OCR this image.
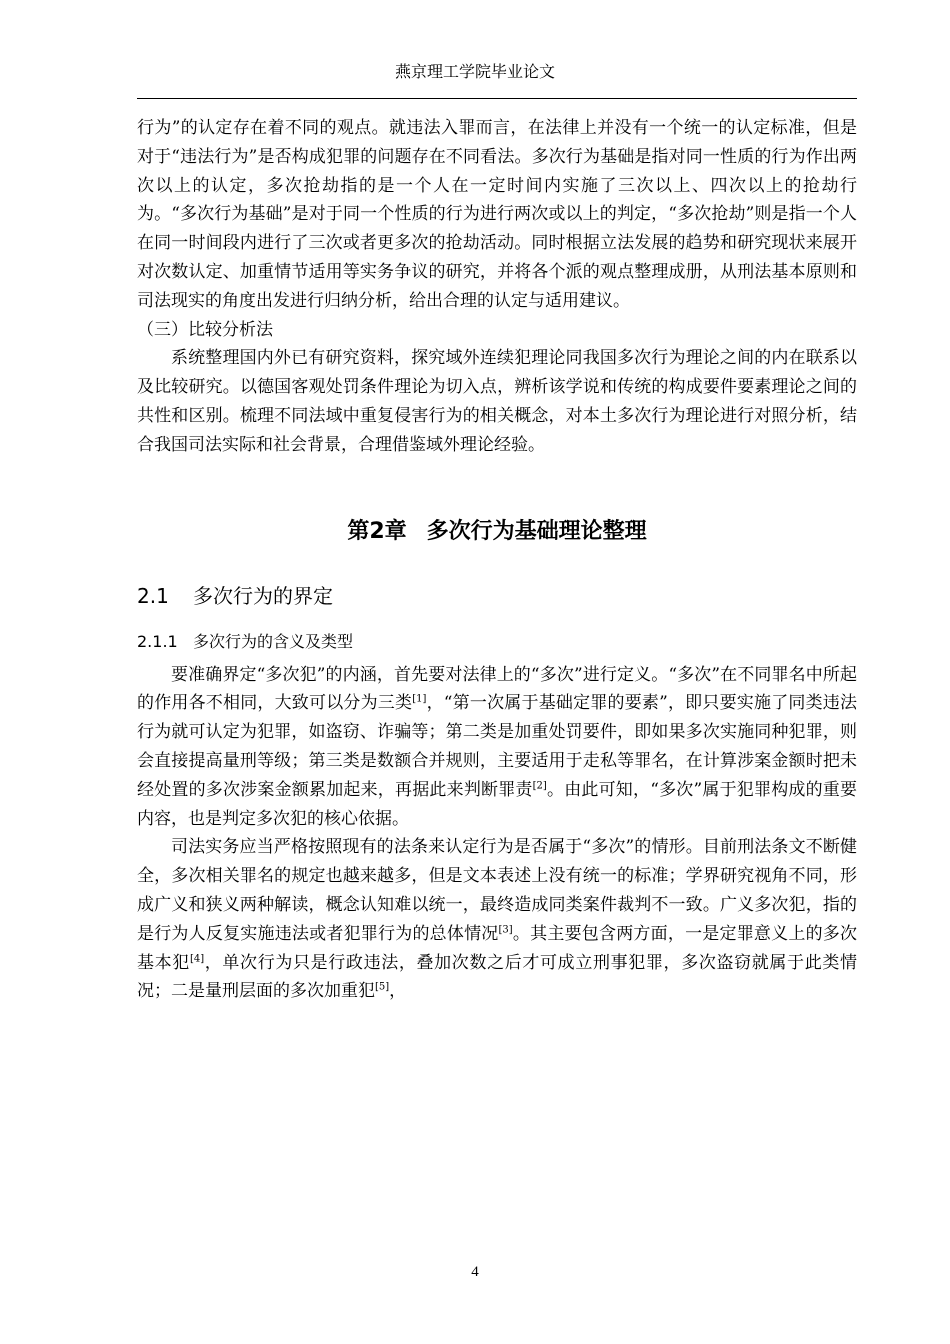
燕京理工学院毕业论文

行为”的认定存在着不同的观点。就违法入罪而言，在法律上并没有一个统一的认定标准，但是对于“违法行为”是否构成犯罪的问题存在不同看法。多次行为基础是指对同一性质的行为作出两次以上的认定，多次抢劫指的是一个人在一定时间内实施了三次以上、四次以上的抢劫行为。“多次行为基础”是对于同一个性质的行为进行两次或以上的判定，“多次抢劫”则是指一个人在同一时间段内进行了三次或者更多次的抢劫活动。同时根据立法发展的趋势和研究现状来展开对次数认定、加重情节适用等实务争议的研究，并将各个派的观点整理成册，从刑法基本原则和司法现实的角度出发进行归纳分析，给出合理的认定与适用建议。

（三）比较分析法

系统整理国内外已有研究资料，探究域外连续犯理论同我国多次行为理论之间的内在联系以及比较研究。以德国客观处罚条件理论为切入点，辨析该学说和传统的构成要件要素理论之间的共性和区别。梳理不同法域中重复侵害行为的相关概念，对本土多次行为理论进行对照分析，结合我国司法实际和社会背景，合理借鉴域外理论经验。

第2章 多次行为基础理论整理
2.1 多次行为的界定
2.1.1 多次行为的含义及类型

要准确界定“多次犯”的内涵，首先要对法律上的“多次”进行定义。“多次”在不同罪名中所起的作用各不相同，大致可以分为三类[1]，“第一次属于基础定罪的要素”，即只要实施了同类违法行为就可认定为犯罪，如盗窃、诈骗等；第二类是加重处罚要件，即如果多次实施同种犯罪，则会直接提高量刑等级；第三类是数额合并规则，主要适用于走私等罪名，在计算涉案金额时把未经处置的多次涉案金额累加起来，再据此来判断罪责[2]。由此可知，“多次”属于犯罪构成的重要内容，也是判定多次犯的核心依据。

司法实务应当严格按照现有的法条来认定行为是否属于“多次”的情形。目前刑法条文不断健全，多次相关罪名的规定也越来越多，但是文本表述上没有统一的标准；学界研究视角不同，形成广义和狭义两种解读，概念认知难以统一，最终造成同类案件裁判不一致。广义多次犯，指的是行为人反复实施违法或者犯罪行为的总体情况[3]。其主要包含两方面，一是定罪意义上的多次基本犯[4]，单次行为只是行政违法，叠加次数之后才可成立刑事犯罪，多次盗窃就属于此类情况；二是量刑层面的多次加重犯[5]，

4
